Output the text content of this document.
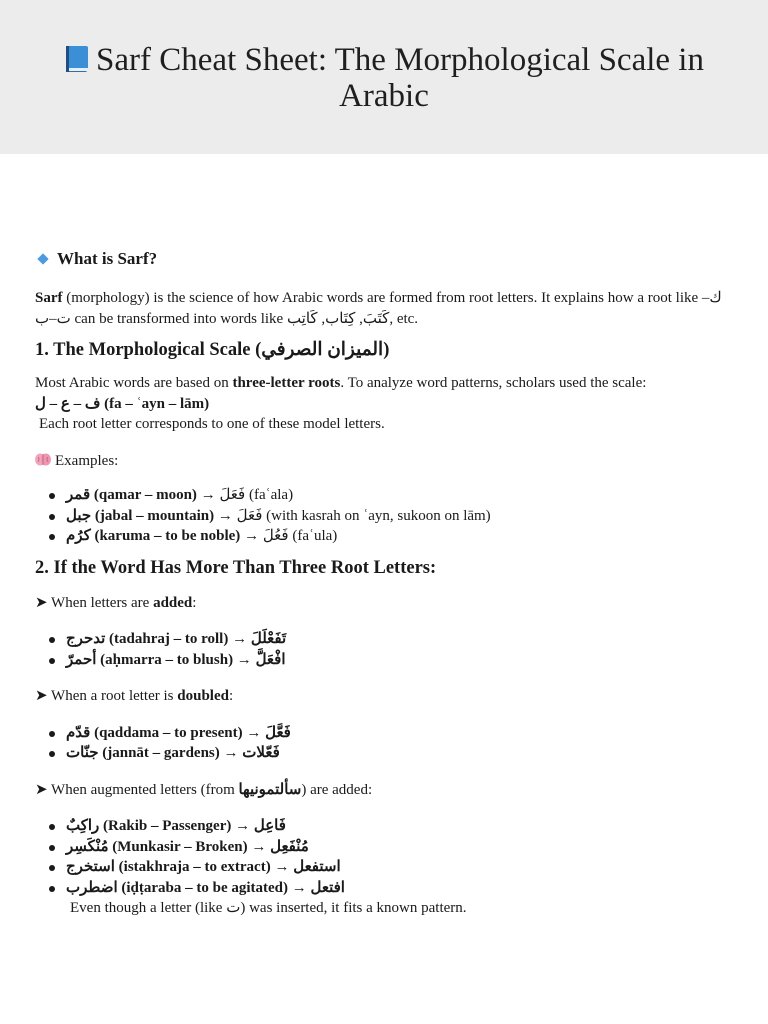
Sarf Cheat Sheet: The Morphological Scale in Arabic
What is Sarf?

Sarf (morphology) is the science of how Arabic words are formed from root letters. It explains how a root like ك–ت–ب can be transformed into words like كَتَبَ, كِتَاب, كَاتِب, etc.

1. The Morphological Scale (الميزان الصرفي)

Most Arabic words are based on three-letter roots. To analyze word patterns, scholars used the scale:

ف – ع – ل (fa – ʿayn – lām)

Each root letter corresponds to one of these model letters.

Examples:

قمر (qamar – moon) → فَعَلَ (faʿala)
جبل (jabal – mountain) → فَعَلَ (with kasrah on ʿayn, sukoon on lām)
كرُم (karuma – to be noble) → فَعُلَ (faʿula)
2. If the Word Has More Than Three Root Letters:

➤ When letters are added:

تدحرج (tadahraj – to roll) → تَفَعْلَلَ
أحمرّ (aḥmarra – to blush) → افْعَلَّ

➤ When a root letter is doubled:

قدّم (qaddama – to present) → فَعَّلَ
جنّات (jannāt – gardens) → فَعّلات

➤ When augmented letters (from سألتمونيها) are added:

راكِبٌ (Rakib – Passenger) → فَاعِل
مُنْكَسِر (Munkasir – Broken) → مُنْفَعِل
استخرج (istakhraja – to extract) → استفعل
اضطرب (iḍṭaraba – to be agitated) → افتعل

Even though a letter (like ت) was inserted, it fits a known pattern.
